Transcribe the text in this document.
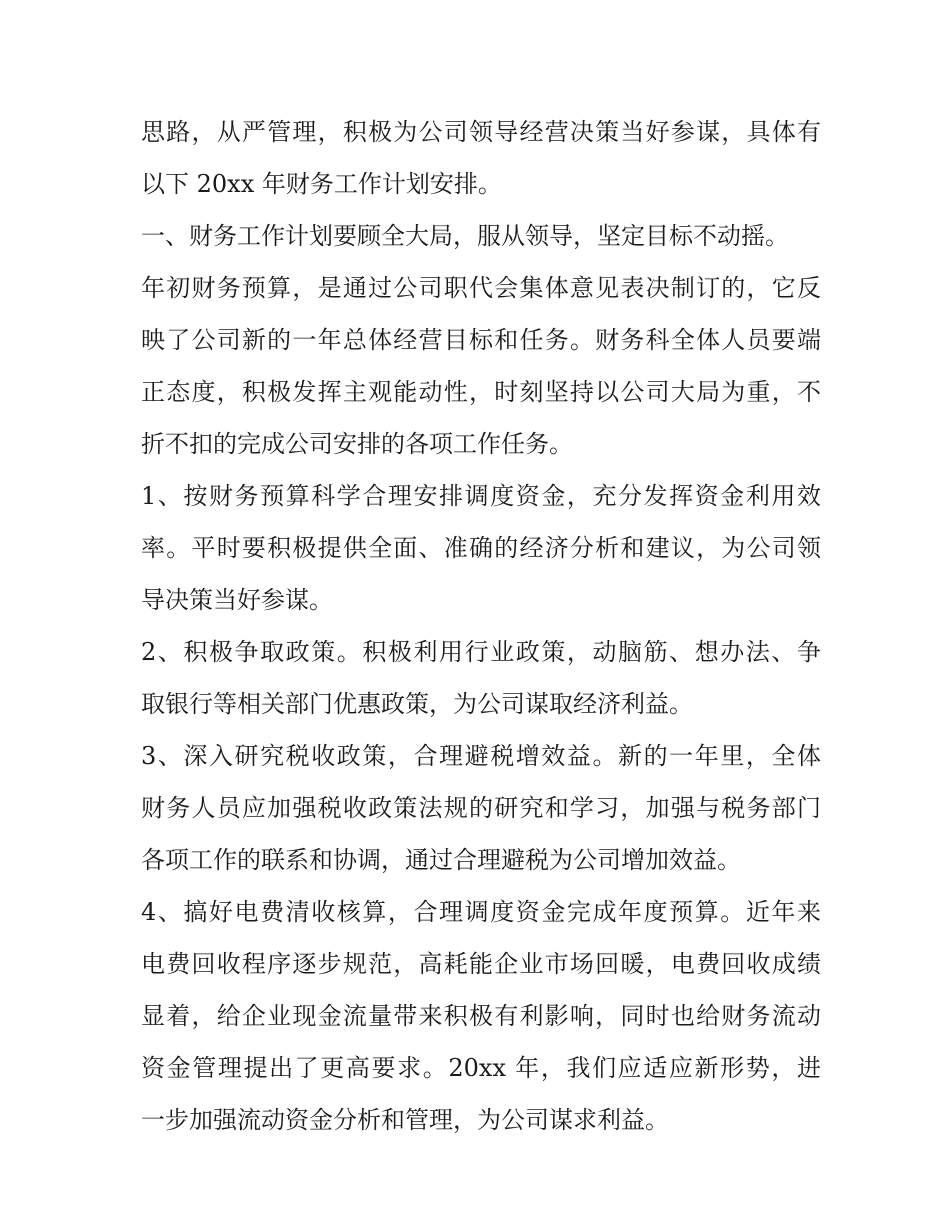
思路，从严管理，积极为公司领导经营决策当好参谋，具体有
以下 20xx 年财务工作计划安排。
一、财务工作计划要顾全大局，服从领导，坚定目标不动摇。
年初财务预算，是通过公司职代会集体意见表决制订的，它反
映了公司新的一年总体经营目标和任务。财务科全体人员要端
正态度，积极发挥主观能动性，时刻坚持以公司大局为重，不
折不扣的完成公司安排的各项工作任务。
1、按财务预算科学合理安排调度资金，充分发挥资金利用效
率。平时要积极提供全面、准确的经济分析和建议，为公司领
导决策当好参谋。
2、积极争取政策。积极利用行业政策，动脑筋、想办法、争
取银行等相关部门优惠政策，为公司谋取经济利益。
3、深入研究税收政策，合理避税增效益。新的一年里，全体
财务人员应加强税收政策法规的研究和学习，加强与税务部门
各项工作的联系和协调，通过合理避税为公司增加效益。
4、搞好电费清收核算，合理调度资金完成年度预算。近年来
电费回收程序逐步规范，高耗能企业市场回暖，电费回收成绩
显着，给企业现金流量带来积极有利影响，同时也给财务流动
资金管理提出了更高要求。20xx 年，我们应适应新形势，进
一步加强流动资金分析和管理，为公司谋求利益。
